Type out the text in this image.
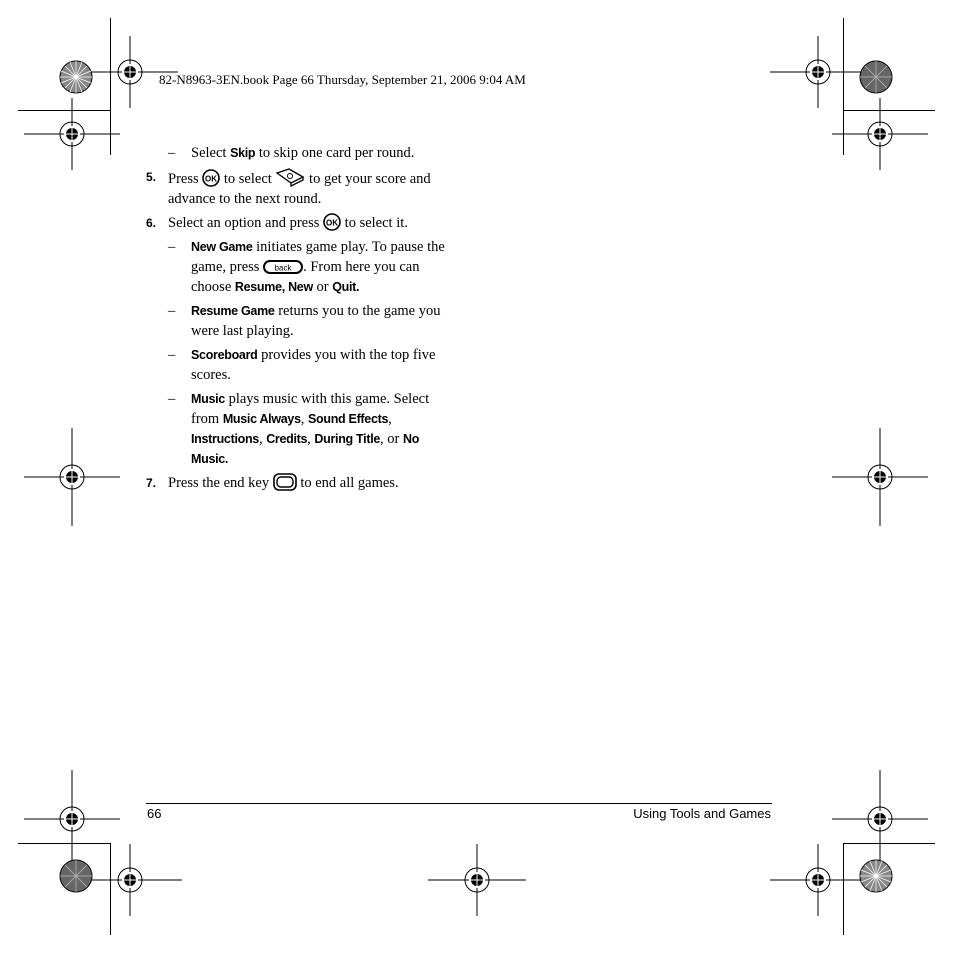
82-N8963-3EN.book Page 66 Thursday, September 21, 2006 9:04 AM
– Select Skip to skip one card per round.
5. Press OK to select  to get your score and advance to the next round.
6. Select an option and press OK to select it.
– New Game initiates game play. To pause the game, press back . From here you can choose Resume, New or Quit.
– Resume Game returns you to the game you were last playing.
– Scoreboard provides you with the top five scores.
– Music plays music with this game. Select from Music Always, Sound Effects, Instructions, Credits, During Title, or No Music.
7. Press the end key  to end all games.
66	Using Tools and Games
